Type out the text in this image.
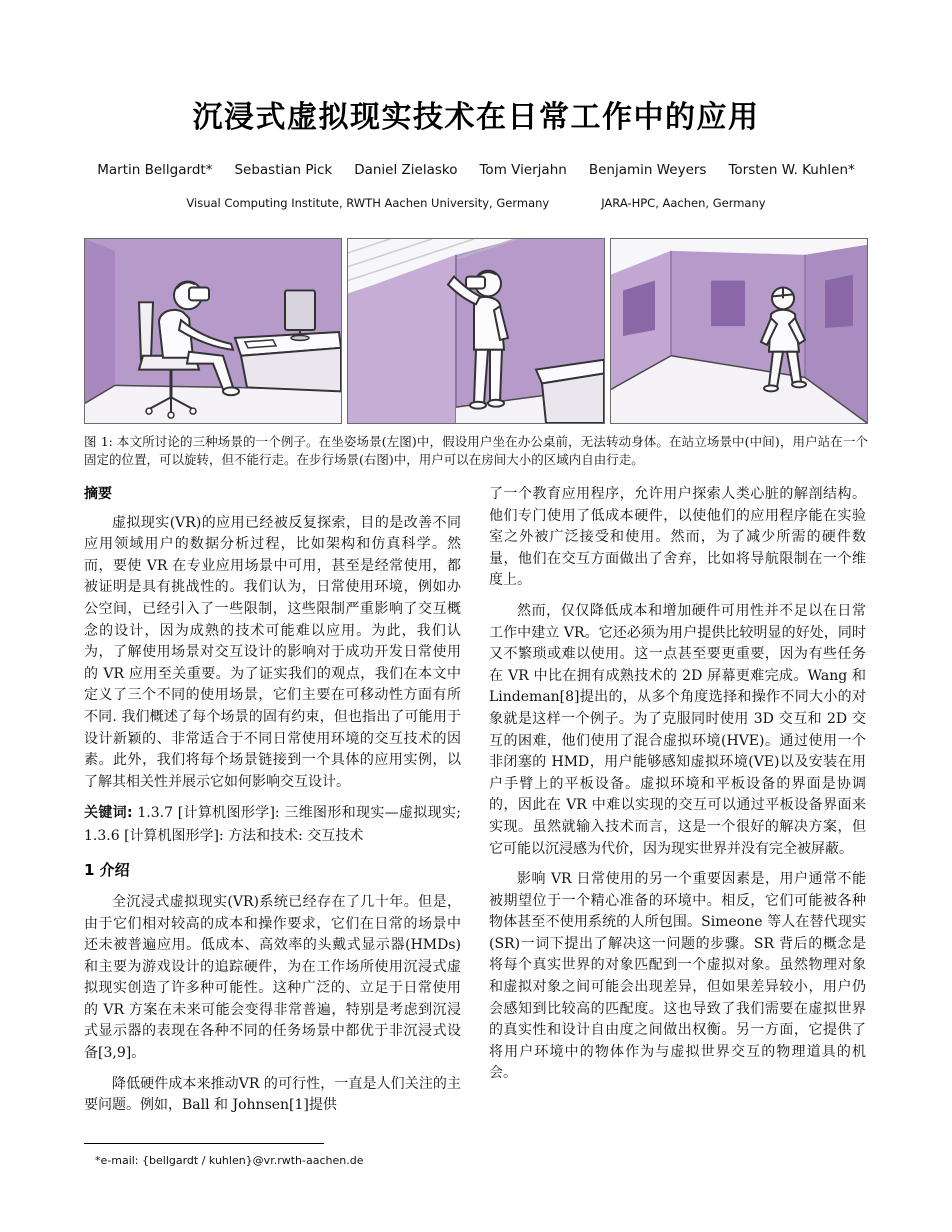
沉浸式虚拟现实技术在日常工作中的应用
Martin Bellgardt* Sebastian Pick Daniel Zielasko Tom Vierjahn Benjamin Weyers Torsten W. Kuhlen*
Visual Computing Institute, RWTH Aachen University, Germany	JARA-HPC, Aachen, Germany

图 1: 本文所讨论的三种场景的一个例子。在坐姿场景(左图)中，假设用户坐在办公桌前，无法转动身体。在站立场景中(中间)，用户站在一个固定的位置，可以旋转，但不能行走。在步行场景(右图)中，用户可以在房间大小的区域内自由行走。

摘要

虚拟现实(VR)的应用已经被反复探索，目的是改善不同应用领域用户的数据分析过程，比如架构和仿真科学。然而，要使 VR 在专业应用场景中可用，甚至是经常使用，都被证明是具有挑战性的。我们认为，日常使用环境，例如办公空间，已经引入了一些限制，这些限制严重影响了交互概念的设计，因为成熟的技术可能难以应用。为此，我们认为，了解使用场景对交互设计的影响对于成功开发日常使用的 VR 应用至关重要。为了证实我们的观点，我们在本文中定义了三个不同的使用场景，它们主要在可移动性方面有所不同. 我们概述了每个场景的固有约束，但也指出了可能用于设计新颖的、非常适合于不同日常使用环境的交互技术的因素。此外，我们将每个场景链接到一个具体的应用实例，以了解其相关性并展示它如何影响交互设计。

关键词: 1.3.7 [计算机图形学]: 三维图形和现实—虚拟现实; 1.3.6 [计算机图形学]: 方法和技术: 交互技术

1 介绍

全沉浸式虚拟现实(VR)系统已经存在了几十年。但是，由于它们相对较高的成本和操作要求，它们在日常的场景中还未被普遍应用。低成本、高效率的头戴式显示器(HMDs)和主要为游戏设计的追踪硬件，为在工作场所使用沉浸式虚拟现实创造了许多种可能性。这种广泛的、立足于日常使用的 VR 方案在未来可能会变得非常普遍，特别是考虑到沉浸式显示器的表现在各种不同的任务场景中都优于非沉浸式设备[3,9]。

降低硬件成本来推动VR 的可行性，一直是人们关注的主要问题。例如，Ball 和 Johnsen[1]提供

*e-mail: {bellgardt / kuhlen}@vr.rwth-aachen.de

了一个教育应用程序，允许用户探索人类心脏的解剖结构。他们专门使用了低成本硬件，以使他们的应用程序能在实验室之外被广泛接受和使用。然而，为了减少所需的硬件数量，他们在交互方面做出了舍弃，比如将导航限制在一个维度上。

然而，仅仅降低成本和增加硬件可用性并不足以在日常工作中建立 VR。它还必须为用户提供比较明显的好处，同时又不繁琐或难以使用。这一点甚至要更重要，因为有些任务在 VR 中比在拥有成熟技术的 2D 屏幕更难完成。Wang 和 Lindeman[8]提出的，从多个角度选择和操作不同大小的对象就是这样一个例子。为了克服同时使用 3D 交互和 2D 交互的困难，他们使用了混合虚拟环境(HVE)。通过使用一个非闭塞的 HMD，用户能够感知虚拟环境(VE)以及安装在用户手臂上的平板设备。虚拟环境和平板设备的界面是协调的，因此在 VR 中难以实现的交互可以通过平板设备界面来实现。虽然就输入技术而言，这是一个很好的解决方案，但它可能以沉浸感为代价，因为现实世界并没有完全被屏蔽。

影响 VR 日常使用的另一个重要因素是，用户通常不能被期望位于一个精心准备的环境中。相反，它们可能被各种物体甚至不使用系统的人所包围。Simeone 等人在替代现实(SR)一词下提出了解决这一问题的步骤。SR 背后的概念是将每个真实世界的对象匹配到一个虚拟对象。虽然物理对象和虚拟对象之间可能会出现差异，但如果差异较小，用户仍会感知到比较高的匹配度。这也导致了我们需要在虚拟世界的真实性和设计自由度之间做出权衡。另一方面，它提供了将用户环境中的物体作为与虚拟世界交互的物理道具的机会。
